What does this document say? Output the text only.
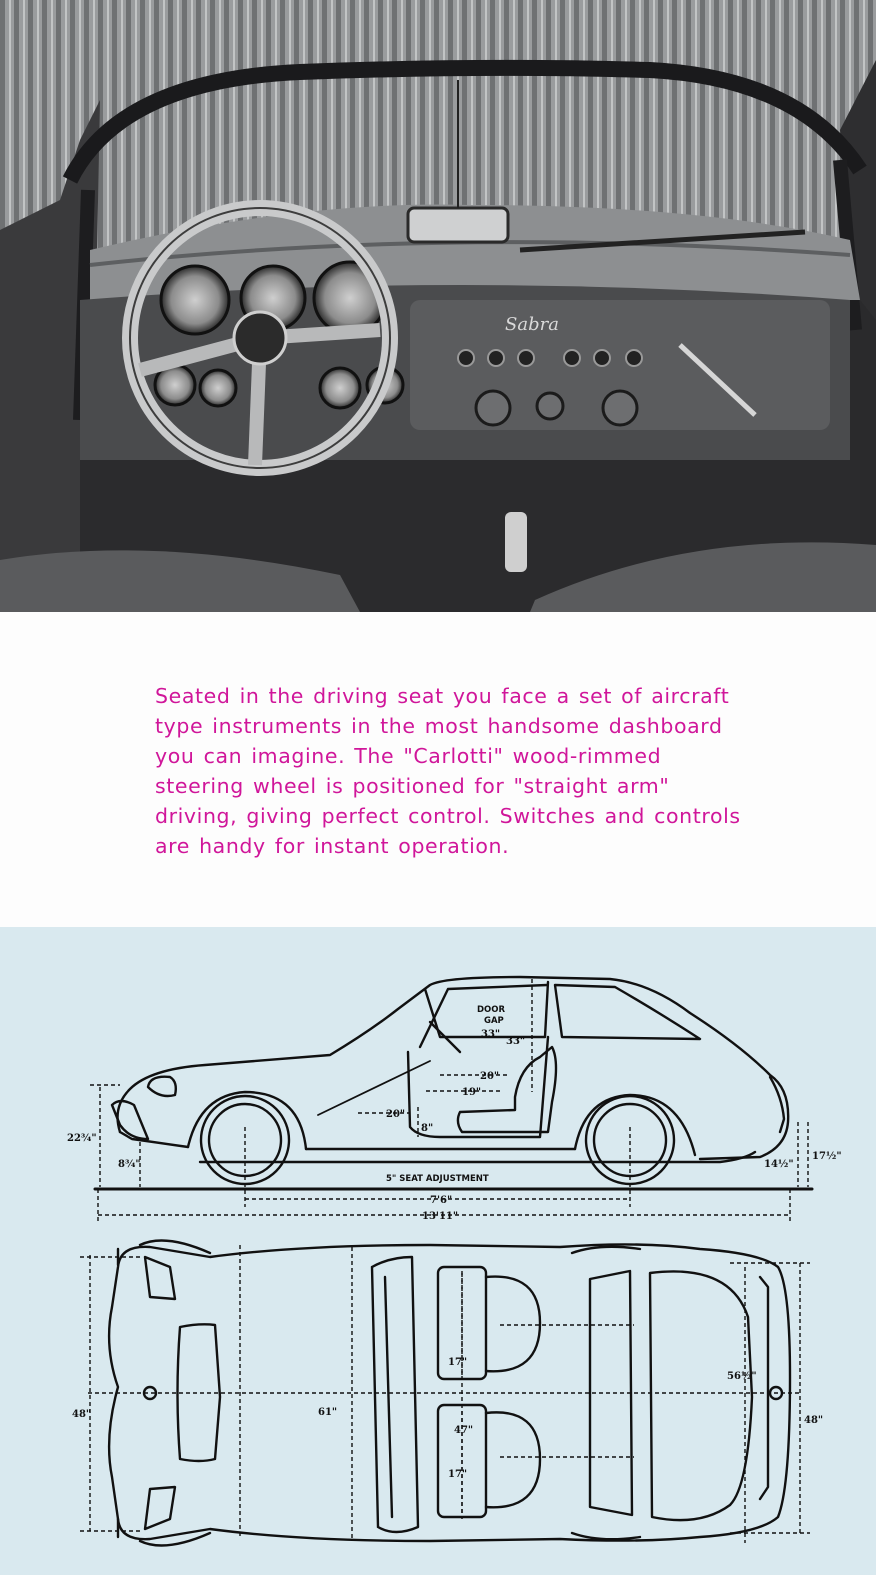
Sabra
Seated in the driving seat you face a set of aircraft
type instruments in the most handsome dashboard
you can imagine. The "Carlotti" wood-rimmed
steering wheel is positioned for "straight arm"
driving, giving perfect control. Switches and controls
are handy for instant operation.
DOOR
GAP
33"
33"
20"
19"
20"
8"
22¾"
8¾"	14½"
17½"
5" SEAT ADJUSTMENT
7'6"
13'11"
48"	61"
17"
47"
17"
56½"
48"
